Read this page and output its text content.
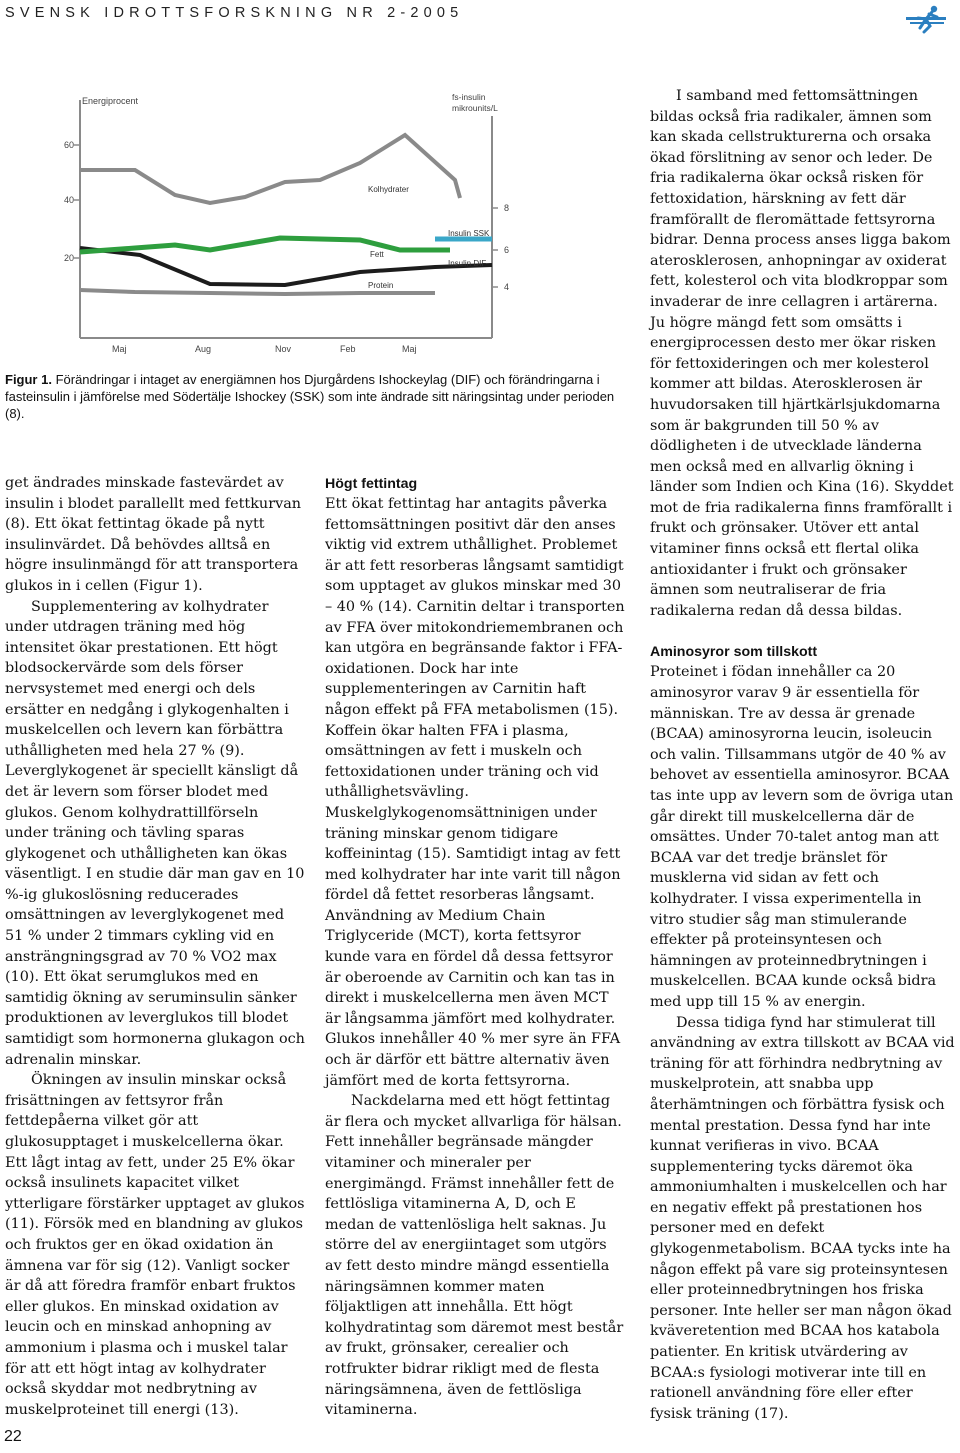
SVENSK IDROTTSFORSKNING NR 2-2005
Energiprocent
60
40
20
fs-insulin
mikrounits/L
8
6
4
Kolhydrater
Insulin SSK
Fett
Insulin DIF
Protein
Maj	Aug	Nov	Feb	Maj
Figur 1. Förändringar i intaget av energiämnen hos Djurgårdens Ishockeylag (DIF) och förändringarna i fasteinsulin i jämförelse med Södertälje Ishockey (SSK) som inte ändrade sitt näringsintag under perioden (8).

get ändrades minskade fastevärdet av insulin i blodet parallellt med fettkurvan (8). Ett ökat fettintag ökade på nytt insulinvärdet. Då behövdes alltså en högre insulinmängd för att transportera glukos in i cellen (Figur 1).

Supplementering av kolhydrater under utdragen träning med hög intensitet ökar prestationen. Ett högt blodsockervärde som dels förser nervsystemet med energi och dels ersätter en nedgång i glykogenhalten i muskelcellen och levern kan förbättra uthålligheten med hela 27 % (9). Leverglykogenet är speciellt känsligt då det är levern som förser blodet med glukos. Genom kolhydrattillförseln under träning och tävling sparas glykogenet och uthålligheten kan ökas väsentligt. I en studie där man gav en 10 %-ig glukoslösning reducerades omsättningen av leverglykogenet med 51 % under 2 timmars cykling vid en ansträngningsgrad av 70 % VO2 max (10). Ett ökat serumglukos med en samtidig ökning av seruminsulin sänker produktionen av leverglukos till blodet samtidigt som hormonerna glukagon och adrenalin minskar.

Ökningen av insulin minskar också frisättningen av fettsyror från fettdepåerna vilket gör att glukosupptaget i muskelcellerna ökar. Ett lågt intag av fett, under 25 E% ökar också insulinets kapacitet vilket ytterligare förstärker upptaget av glukos (11). Försök med en blandning av glukos och fruktos ger en ökad oxidation än ämnena var för sig (12). Vanligt socker är då att föredra framför enbart fruktos eller glukos. En minskad oxidation av leucin och en minskad anhopning av ammonium i plasma och i muskel talar för att ett högt intag av kolhydrater också skyddar mot nedbrytning av muskelproteinet till energi (13).

Högt fettintag

Ett ökat fettintag har antagits påverka fettomsättningen positivt där den anses viktig vid extrem uthållighet. Problemet är att fett resorberas långsamt samtidigt som upptaget av glukos minskar med 30 – 40 % (14). Carnitin deltar i transporten av FFA över mitokondriemembranen och kan utgöra en begränsande faktor i FFA-oxidationen. Dock har inte supplementeringen av Carnitin haft någon effekt på FFA metabolismen (15). Koffein ökar halten FFA i plasma, omsättningen av fett i muskeln och fettoxidationen under träning och vid uthållighetsvävling. Muskelglykogenomsättninigen under träning minskar genom tidigare koffeinintag (15). Samtidigt intag av fett med kolhydrater har inte varit till någon fördel då fettet resorberas långsamt. Användning av Medium Chain Triglyceride (MCT), korta fettsyror kunde vara en fördel då dessa fettsyror är oberoende av Carnitin och kan tas in direkt i muskelcellerna men även MCT är långsamma jämfört med kolhydrater. Glukos innehåller 40 % mer syre än FFA och är därför ett bättre alternativ även jämfört med de korta fettsyrorna.

Nackdelarna med ett högt fettintag är flera och mycket allvarliga för hälsan. Fett innehåller begränsade mängder vitaminer och mineraler per energimängd. Främst innehåller fett de fettlösliga vitaminerna A, D, och E medan de vattenlösliga helt saknas. Ju större del av energiintaget som utgörs av fett desto mindre mängd essentiella näringsämnen kommer maten följaktligen att innehålla. Ett högt kolhydratintag som däremot mest består av frukt, grönsaker, cerealier och rotfrukter bidrar rikligt med de flesta näringsämnena, även de fettlösliga vitaminerna.

I samband med fettomsättningen bildas också fria radikaler, ämnen som kan skada cellstrukturerna och orsaka ökad förslitning av senor och leder. De fria radikalerna ökar också risken för fettoxidation, härskning av fett där framförallt de fleromättade fettsyrorna bidrar. Denna process anses ligga bakom aterosklerosen, anhopningar av oxiderat fett, kolesterol och vita blodkroppar som invaderar de inre cellagren i artärerna. Ju högre mängd fett som omsätts i energiprocessen desto mer ökar risken för fettoxideringen och mer kolesterol kommer att bildas. Aterosklerosen är huvudorsaken till hjärtkärlsjukdomarna som är bakgrunden till 50 % av dödligheten i de utvecklade länderna men också med en allvarlig ökning i länder som Indien och Kina (16). Skyddet mot de fria radikalerna finns framförallt i frukt och grönsaker. Utöver ett antal vitaminer finns också ett flertal olika antioxidanter i frukt och grönsaker ämnen som neutraliserar de fria radikalerna redan då dessa bildas.

Aminosyror som tillskott

Proteinet i födan innehåller ca 20 aminosyror varav 9 är essentiella för människan. Tre av dessa är grenade (BCAA) aminosyrorna leucin, isoleucin och valin. Tillsammans utgör de 40 % av behovet av essentiella aminosyror. BCAA tas inte upp av levern som de övriga utan går direkt till muskelcellerna där de omsättes. Under 70-talet antog man att BCAA var det tredje bränslet för musklerna vid sidan av fett och kolhydrater. I vissa experimentella in vitro studier såg man stimulerande effekter på proteinsyntesen och hämningen av proteinnedbrytningen i muskelcellen. BCAA kunde också bidra med upp till 15 % av energin.

Dessa tidiga fynd har stimulerat till användning av extra tillskott av BCAA vid träning för att förhindra nedbrytning av muskelprotein, att snabba upp återhämtningen och förbättra fysisk och mental prestation. Dessa fynd har inte kunnat verifieras in vivo. BCAA supplementering tycks däremot öka ammoniumhalten i muskelcellen och har en negativ effekt på prestationen hos personer med en defekt glykogenmetabolism. BCAA tycks inte ha någon effekt på vare sig proteinsyntesen eller proteinnedbrytningen hos friska personer. Inte heller ser man någon ökad kväveretention med BCAA hos katabola patienter. En kritisk utvärdering av BCAA:s fysiologi motiverar inte till en rationell användning före eller efter fysisk träning (17).

22
